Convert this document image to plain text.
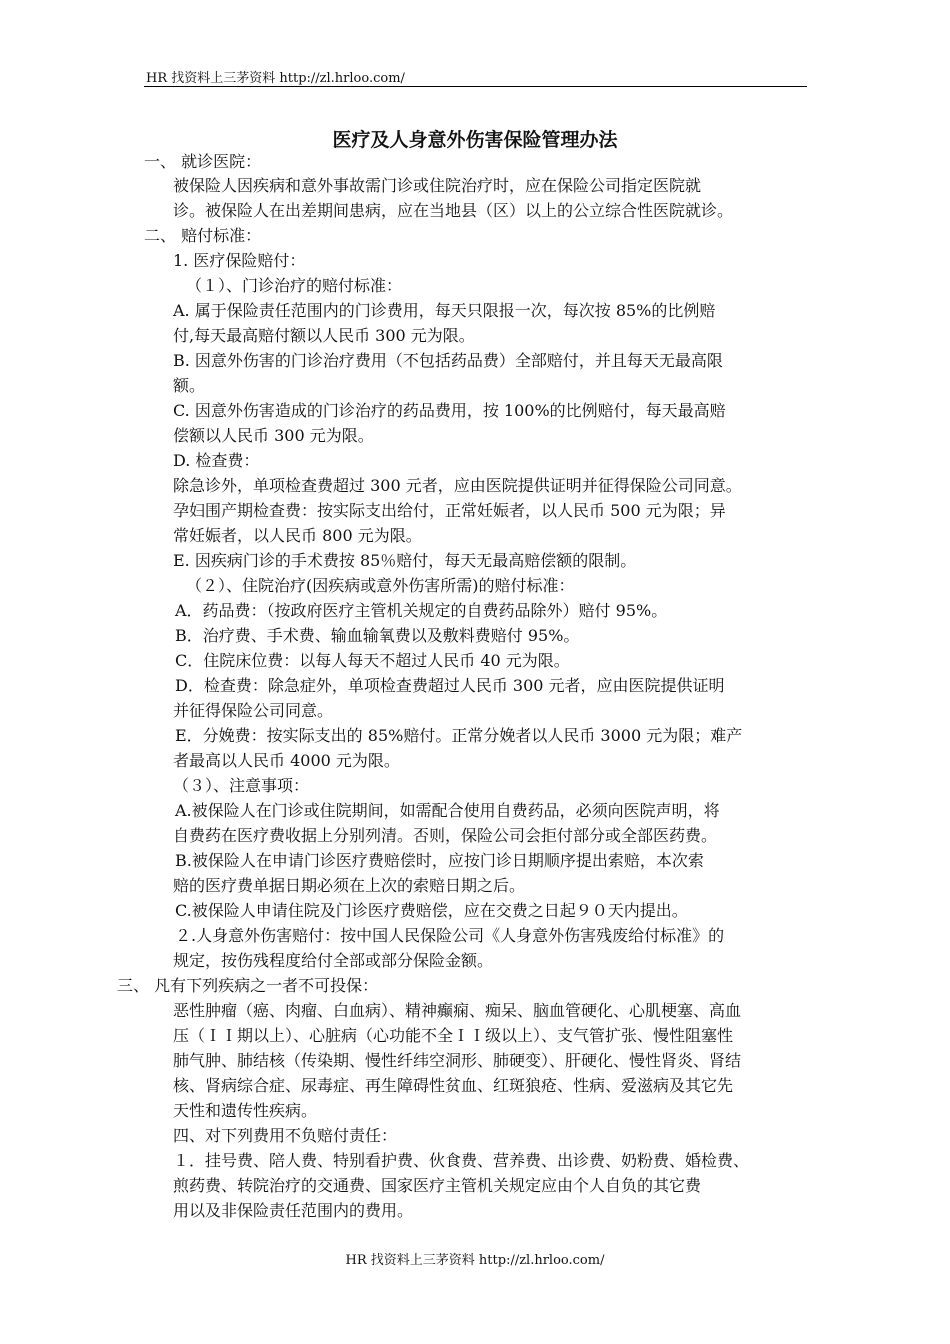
HR 找资料上三茅资料 http://zl.hrloo.com/
医疗及人身意外伤害保险管理办法
一、 就诊医院：
被保险人因疾病和意外事故需门诊或住院治疗时，应在保险公司指定医院就
诊。被保险人在出差期间患病，应在当地县（区）以上的公立综合性医院就诊。
二、 赔付标准：
1. 医疗保险赔付：
（１）、门诊治疗的赔付标准：
A. 属于保险责任范围内的门诊费用，每天只限报一次，每次按 85%的比例赔
付,每天最高赔付额以人民币 300 元为限。
B. 因意外伤害的门诊治疗费用（不包括药品费）全部赔付，并且每天无最高限
额。
C. 因意外伤害造成的门诊治疗的药品费用，按 100%的比例赔付，每天最高赔
偿额以人民币 300 元为限。
D. 检查费：
除急诊外，单项检查费超过 300 元者，应由医院提供证明并征得保险公司同意。
孕妇围产期检查费：按实际支出给付，正常妊娠者，以人民币 500 元为限；异
常妊娠者，以人民币 800 元为限。
E. 因疾病门诊的手术费按 85％赔付，每天无最高赔偿额的限制。
（２）、住院治疗(因疾病或意外伤害所需)的赔付标准：
A．药品费：（按政府医疗主管机关规定的自费药品除外）赔付 95%。
B．治疗费、手术费、输血输氧费以及敷料费赔付 95%。
C．住院床位费：以每人每天不超过人民币 40 元为限。
D．检查费：除急症外，单项检查费超过人民币 300 元者，应由医院提供证明
并征得保险公司同意。
E．分娩费：按实际支出的 85%赔付。正常分娩者以人民币 3000 元为限；难产
者最高以人民币 4000 元为限。
（３）、注意事项：
A.被保险人在门诊或住院期间，如需配合使用自费药品，必须向医院声明，将
自费药在医疗费收据上分别列清。否则，保险公司会拒付部分或全部医药费。
B.被保险人在申请门诊医疗费赔偿时，应按门诊日期顺序提出索赔，本次索
赔的医疗费单据日期必须在上次的索赔日期之后。
C.被保险人申请住院及门诊医疗费赔偿，应在交费之日起９０天内提出。
２.人身意外伤害赔付：按中国人民保险公司《人身意外伤害残废给付标准》的
规定，按伤残程度给付全部或部分保险金额。
三、 凡有下列疾病之一者不可投保：
恶性肿瘤（癌、肉瘤、白血病）、精神癫痫、痴呆、脑血管硬化、心肌梗塞、高血
压（ＩＩ期以上）、心脏病（心功能不全ＩＩ级以上）、支气管扩张、慢性阻塞性
肺气肿、肺结核（传染期、慢性纤纬空洞形、肺硬变）、肝硬化、慢性肾炎、肾结
核、肾病综合症、尿毒症、再生障碍性贫血、红斑狼疮、性病、爱滋病及其它先
天性和遗传性疾病。
四、对下列费用不负赔付责任：
１．挂号费、陪人费、特别看护费、伙食费、营养费、出诊费、奶粉费、婚检费、
煎药费、转院治疗的交通费、国家医疗主管机关规定应由个人自负的其它费
用以及非保险责任范围内的费用。
HR 找资料上三茅资料 http://zl.hrloo.com/
